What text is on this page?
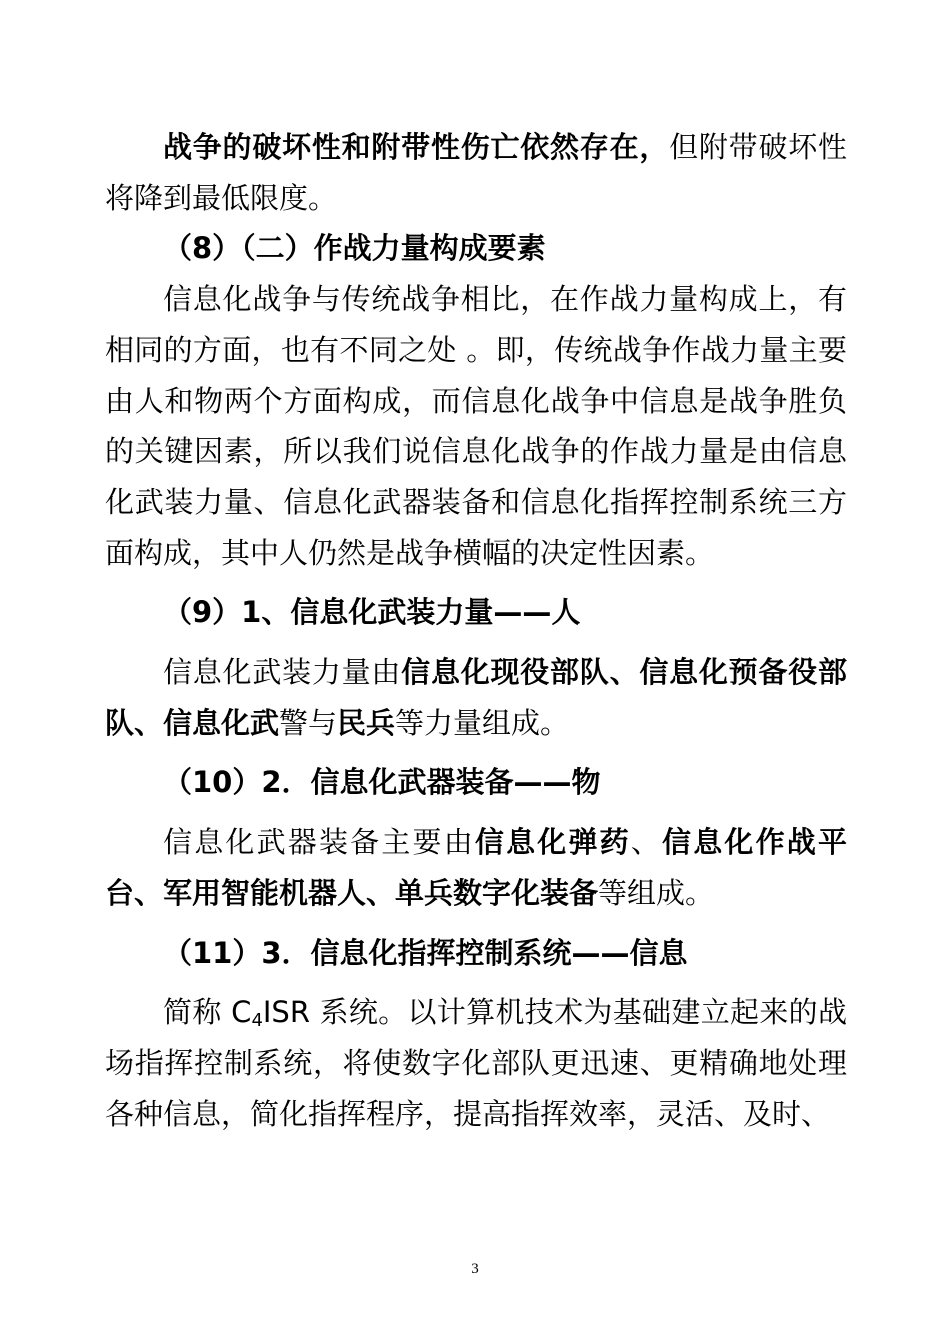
战争的破坏性和附带性伤亡依然存在，但附带破坏性将降到最低限度。

（8）（二）作战力量构成要素

信息化战争与传统战争相比，在作战力量构成上，有相同的方面，也有不同之处 。即，传统战争作战力量主要由人和物两个方面构成，而信息化战争中信息是战争胜负的关键因素，所以我们说信息化战争的作战力量是由信息化武装力量、信息化武器装备和信息化指挥控制系统三方面构成，其中人仍然是战争横幅的决定性因素。

（9）1、信息化武装力量——人

信息化武装力量由信息化现役部队、信息化预备役部队、信息化武警与民兵等力量组成。

（10）2．信息化武器装备——物

信息化武器装备主要由信息化弹药、信息化作战平台、军用智能机器人、单兵数字化装备等组成。

（11）3．信息化指挥控制系统——信息

简称 $C_4ISR$ 系统。以计算机技术为基础建立起来的战场指挥控制系统，将使数字化部队更迅速、更精确地处理各种信息，简化指挥程序，提高指挥效率，灵活、及时、

3
